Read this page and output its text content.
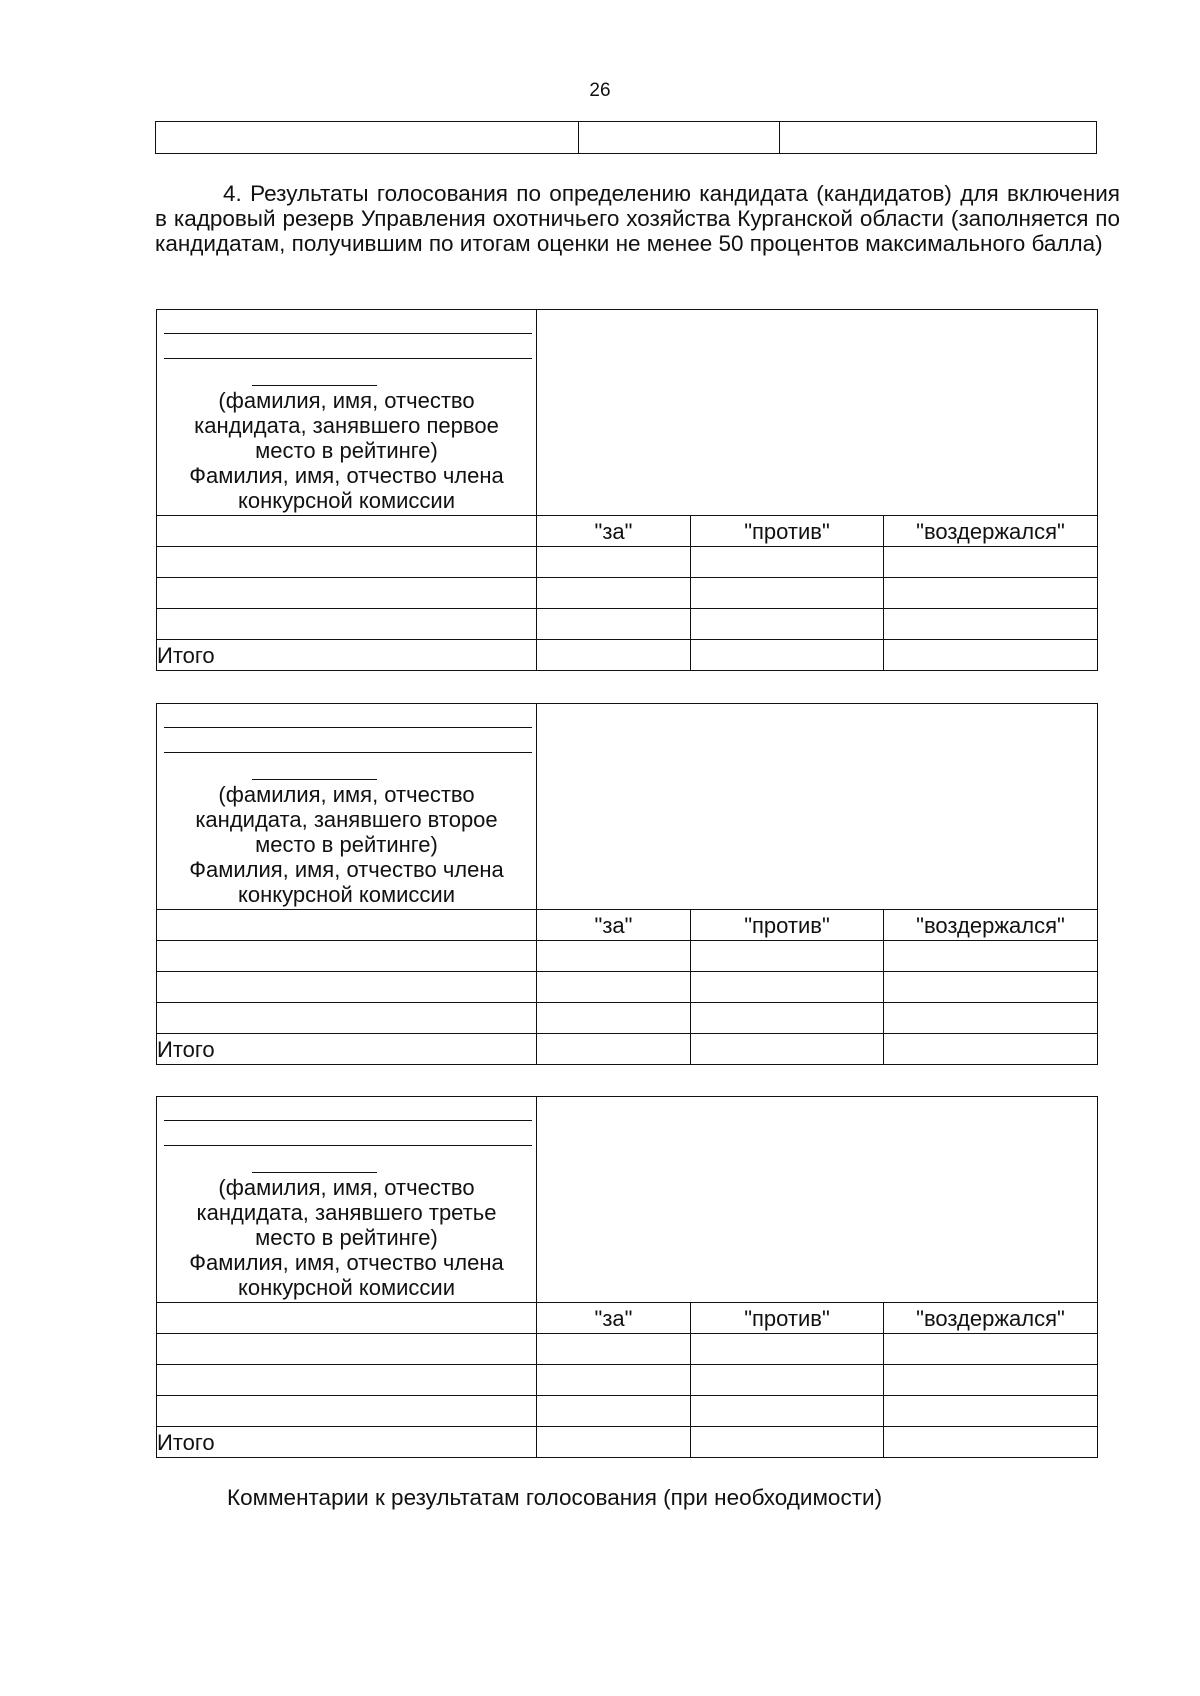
26

4. Результаты голосования по определению кандидата (кандидатов) для включения в кадровый резерв Управления охотничьего хозяйства Курганской области (заполняется по кандидатам, получившим по итогам оценки не менее 50 процентов максимального балла)

(фамилия, имя, отчество
кандидата, занявшего первое
место в рейтинге)
Фамилия, имя, отчество члена
конкурсной комиссии			

	"за"	"против"	"воздержался"

Итого			
(фамилия, имя, отчество
кандидата, занявшего второе
место в рейтинге)
Фамилия, имя, отчество члена
конкурсной комиссии			

	"за"	"против"	"воздержался"

Итого			
(фамилия, имя, отчество
кандидата, занявшего третье
место в рейтинге)
Фамилия, имя, отчество члена
конкурсной комиссии			

	"за"	"против"	"воздержался"

Итого			
Комментарии к результатам голосования (при необходимости)
